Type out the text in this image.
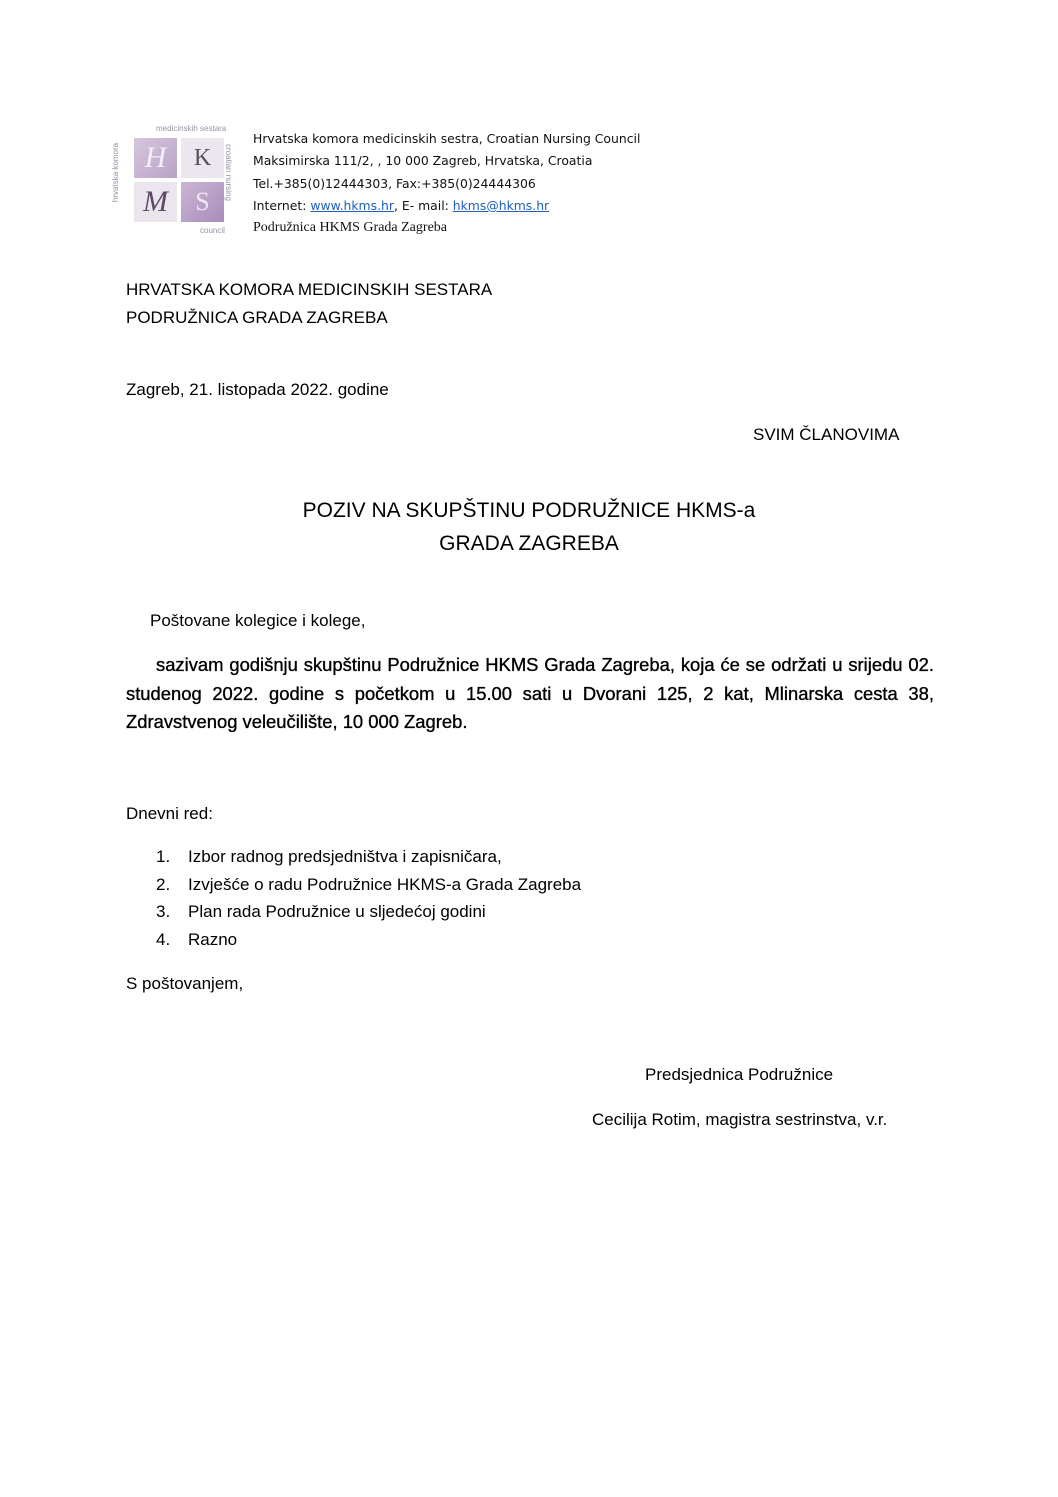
medicinskih sestara
hrvatska komora	croatian nursing
council
H	K
M	S
Hrvatska komora medicinskih sestra, Croatian Nursing Council
Maksimirska 111/2, , 10 000 Zagreb, Hrvatska, Croatia
Tel.+385(0)12444303, Fax:+385(0)24444306
Internet: www.hkms.hr, E- mail: hkms@hkms.hr
Podružnica HKMS Grada Zagreba
HRVATSKA KOMORA MEDICINSKIH SESTARA
PODRUŽNICA GRADA ZAGREBA
Zagreb, 21. listopada 2022. godine
SVIM ČLANOVIMA
POZIV NA SKUPŠTINU PODRUŽNICE HKMS-a
GRADA ZAGREBA
Poštovane kolegice i kolege,
sazivam godišnju skupštinu Podružnice HKMS Grada Zagreba, koja će se održati u srijedu 02. studenog 2022. godine s početkom u 15.00 sati u Dvorani 125, 2 kat, Mlinarska cesta 38, Zdravstvenog veleučilište, 10 000 Zagreb.
Dnevni red:
1. Izbor radnog predsjedništva i zapisničara,
2. Izvješće o radu Podružnice HKMS-a Grada Zagreba
3. Plan rada Podružnice u sljedećoj godini
4. Razno
S poštovanjem,
Predsjednica Podružnice
Cecilija Rotim, magistra sestrinstva, v.r.
